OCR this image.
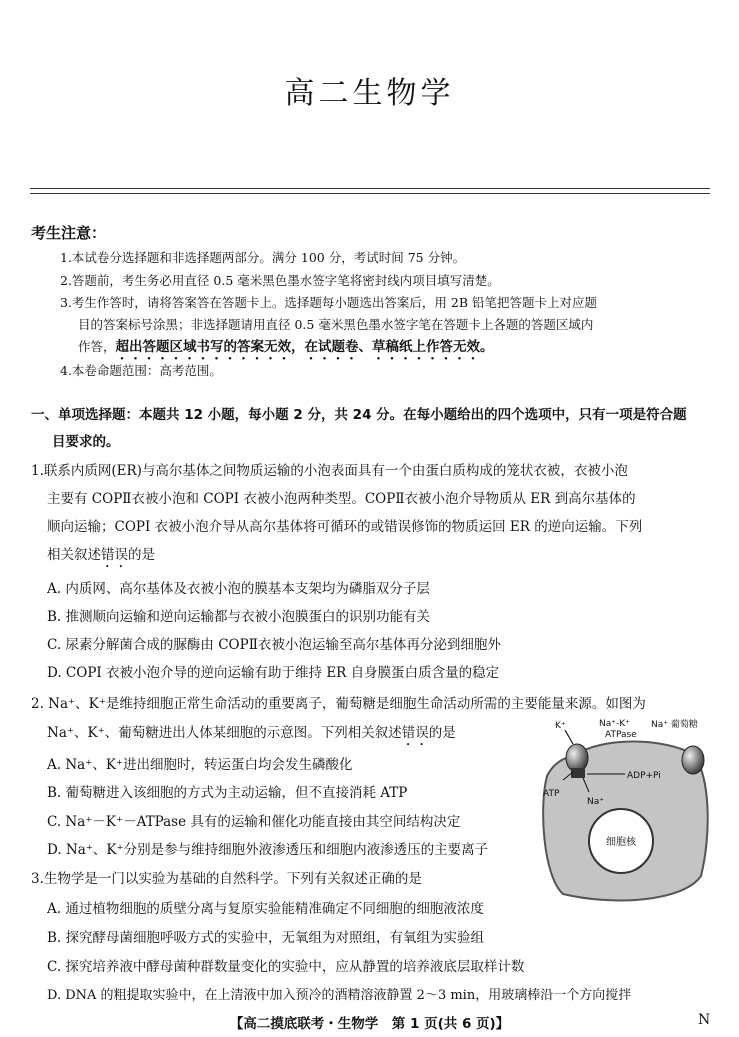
高二生物学
考生注意：
1.本试卷分选择题和非选择题两部分。满分 100 分，考试时间 75 分钟。
2.答题前，考生务必用直径 0.5 毫米黑色墨水签字笔将密封线内项目填写清楚。
3.考生作答时，请将答案答在答题卡上。选择题每小题选出答案后，用 2B 铅笔把答题卡上对应题
目的答案标号涂黑；非选择题请用直径 0.5 毫米黑色墨水签字笔在答题卡上各题的答题区域内
作答，超出答题区域书写的答案无效，在试题卷、草稿纸上作答无效。
4.本卷命题范围：高考范围。
一、单项选择题：本题共 12 小题，每小题 2 分，共 24 分。在每小题给出的四个选项中，只有一项是符合题
目要求的。
1.联系内质网(ER)与高尔基体之间物质运输的小泡表面具有一个由蛋白质构成的笼状衣被，衣被小泡
主要有 COPⅡ衣被小泡和 COPI 衣被小泡两种类型。COPⅡ衣被小泡介导物质从 ER 到高尔基体的
顺向运输；COPI 衣被小泡介导从高尔基体将可循环的或错误修饰的物质运回 ER 的逆向运输。下列
相关叙述错误的是
A. 内质网、高尔基体及衣被小泡的膜基本支架均为磷脂双分子层
B. 推测顺向运输和逆向运输都与衣被小泡膜蛋白的识别功能有关
C. 尿素分解菌合成的脲酶由 COPⅡ衣被小泡运输至高尔基体再分泌到细胞外
D. COPI 衣被小泡介导的逆向运输有助于维持 ER 自身膜蛋白质含量的稳定
2. Na⁺、K⁺是维持细胞正常生命活动的重要离子，葡萄糖是细胞生命活动所需的主要能量来源。如图为
Na⁺、K⁺、葡萄糖进出人体某细胞的示意图。下列相关叙述错误的是
A. Na⁺、K⁺进出细胞时，转运蛋白均会发生磷酸化
B. 葡萄糖进入该细胞的方式为主动运输，但不直接消耗 ATP
C. Na⁺－K⁺－ATPase 具有的运输和催化功能直接由其空间结构决定
D. Na⁺、K⁺分别是参与维持细胞外液渗透压和细胞内液渗透压的主要离子	细胞核
K⁺	Na⁺-K⁺
ATPase
Na⁺ 葡萄糖
ADP+Pi
ATP
Na⁺
3.生物学是一门以实验为基础的自然科学。下列有关叙述正确的是
A. 通过植物细胞的质壁分离与复原实验能精准确定不同细胞的细胞液浓度
B. 探究酵母菌细胞呼吸方式的实验中，无氧组为对照组，有氧组为实验组
C. 探究培养液中酵母菌种群数量变化的实验中，应从静置的培养液底层取样计数
D. DNA 的粗提取实验中，在上清液中加入预冷的酒精溶液静置 2～3 min，用玻璃棒沿一个方向搅拌
【高二摸底联考・生物学　第 1 页(共 6 页)】	N
